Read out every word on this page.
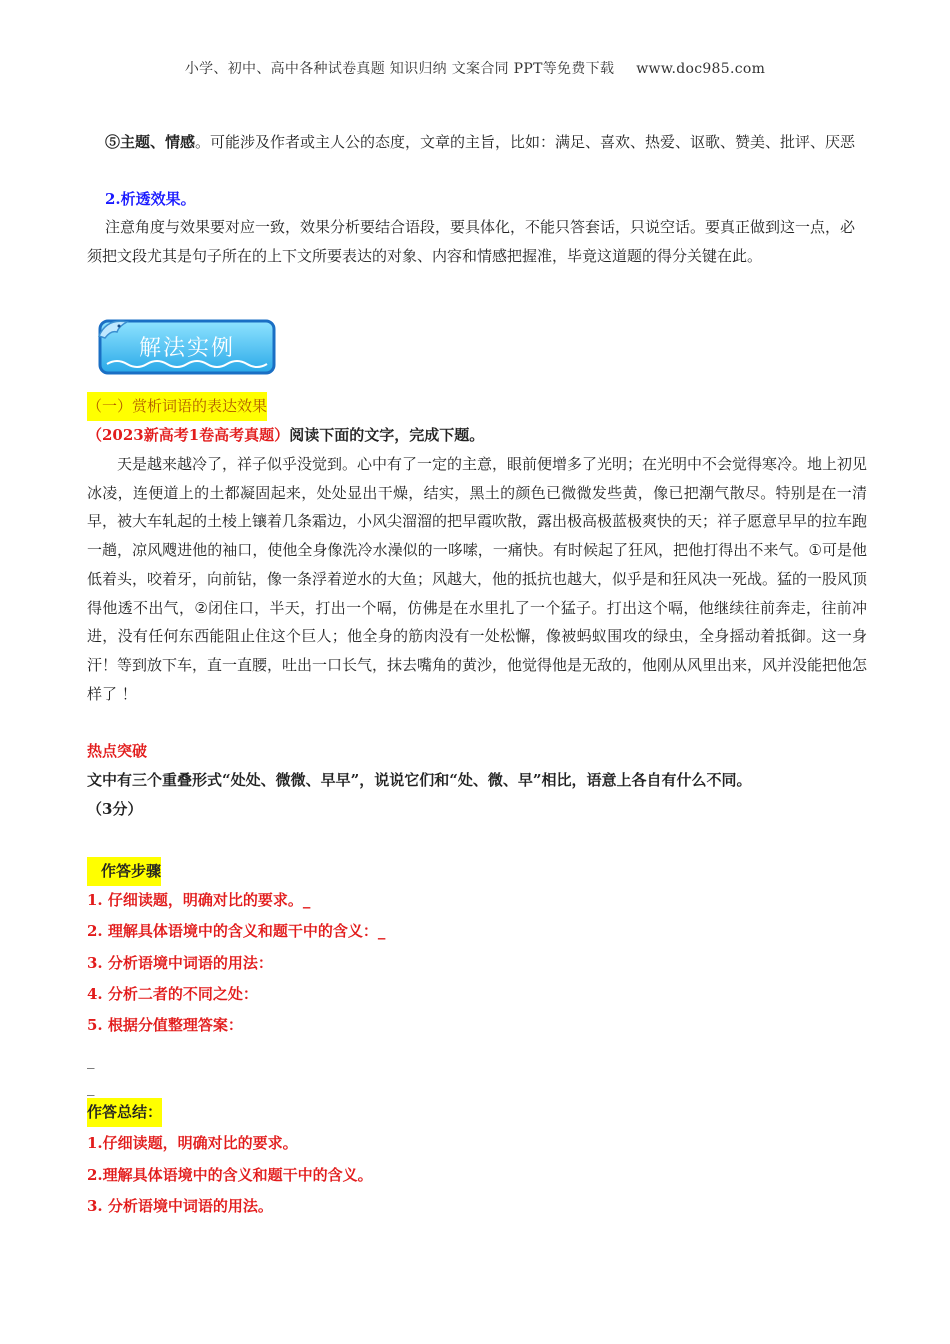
小学、初中、高中各种试卷真题 知识归纳 文案合同 PPT等免费下载 www.doc985.com

⑤主题、情感。可能涉及作者或主人公的态度，文章的主旨，比如：满足、喜欢、热爱、讴歌、赞美、批评、厌恶

2.析透效果。

注意角度与效果要对应一致，效果分析要结合语段，要具体化，不能只答套话，只说空话。要真正做到这一点，必须把文段尤其是句子所在的上下文所要表达的对象、内容和情感把握准，毕竟这道题的得分关键在此。

解法实例

（一）赏析词语的表达效果

（2023新高考1卷高考真题）阅读下面的文字，完成下题。

天是越来越冷了，祥子似乎没觉到。心中有了一定的主意，眼前便增多了光明；在光明中不会觉得寒冷。地上初见冰凌，连便道上的土都凝固起来，处处显出干燥，结实，黑土的颜色已微微发些黄，像已把潮气散尽。特别是在一清早，被大车轧起的土棱上镶着几条霜边，小风尖溜溜的把早霞吹散，露出极高极蓝极爽快的天；祥子愿意早早的拉车跑一趟，凉风飕进他的袖口，使他全身像洗冷水澡似的一哆嗦，一痛快。有时候起了狂风，把他打得出不来气。①可是他低着头，咬着牙，向前钻，像一条浮着逆水的大鱼；风越大，他的抵抗也越大，似乎是和狂风决一死战。猛的一股风顶得他透不出气，②闭住口，半天，打出一个嗝，仿佛是在水里扎了一个猛子。打出这个嗝，他继续往前奔走，往前冲进，没有任何东西能阻止住这个巨人；他全身的筋肉没有一处松懈，像被蚂蚁围攻的绿虫，全身摇动着抵御。这一身汗！等到放下车，直一直腰，吐出一口长气，抹去嘴角的黄沙，他觉得他是无敌的，他刚从风里出来，风并没能把他怎样了 ！

热点突破

文中有三个重叠形式“处处、微微、早早”，说说它们和“处、微、早”相比，语意上各自有什么不同。

（3分）

作答步骤

1. 仔细读题，明确对比的要求。_
2. 理解具体语境中的含义和题干中的含义：_
3. 分析语境中词语的用法：
4. 分析二者的不同之处：
5. 根据分值整理答案：
_
_

作答总结：

1.仔细读题，明确对比的要求。
2.理解具体语境中的含义和题干中的含义。
3. 分析语境中词语的用法。
